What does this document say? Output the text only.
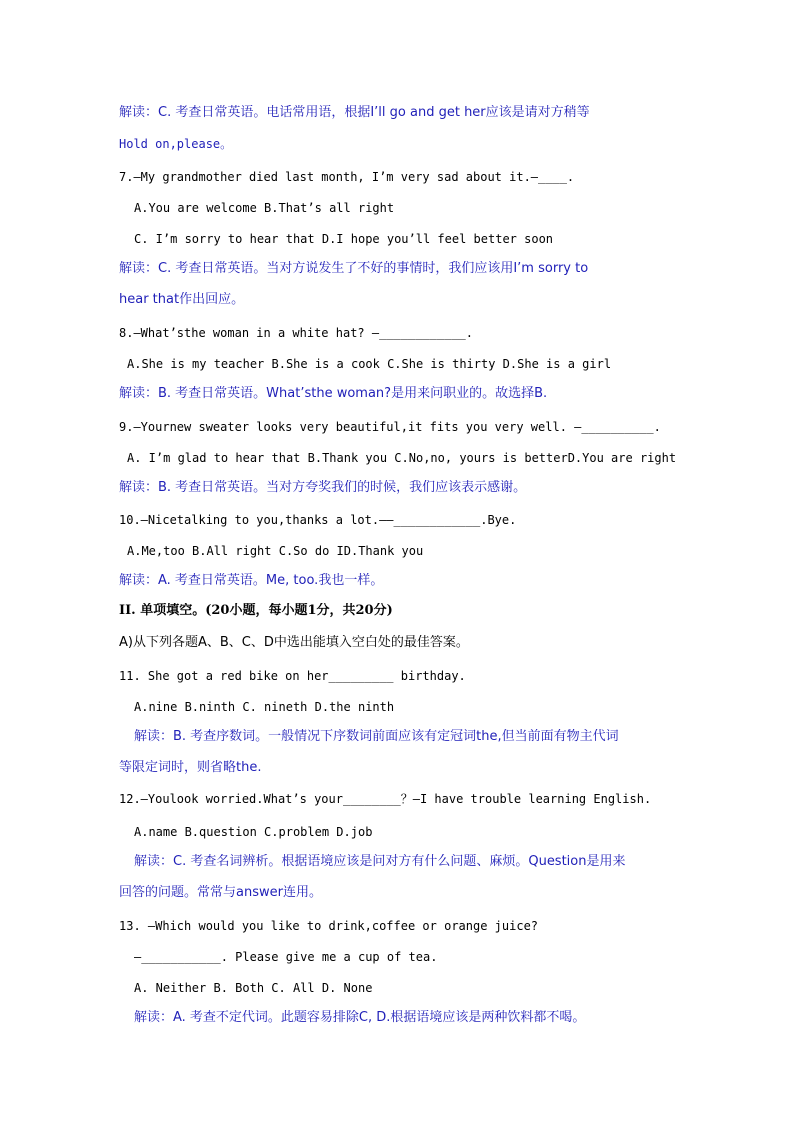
解读：C. 考查日常英语。电话常用语，根据I’ll go and get her应该是请对方稍等
Hold on,please。
7.—My grandmother died last month, I’m very sad about it.—____.
A.You are welcome B.That’s all right
C. I’m sorry to hear that D.I hope you’ll feel better soon
解读：C. 考查日常英语。当对方说发生了不好的事情时，我们应该用I’m sorry to
hear that作出回应。
8.—What’sthe woman in a white hat? —____________.
A.She is my teacher B.She is a cook C.She is thirty D.She is a girl
解读：B. 考查日常英语。What’sthe woman?是用来问职业的。故选择B.
9.—Yournew sweater looks very beautiful,it fits you very well. —__________.
A. I’m glad to hear that B.Thank you C.No,no, yours is betterD.You are right
解读：B. 考查日常英语。当对方夸奖我们的时候，我们应该表示感谢。
10.—Nicetalking to you,thanks a lot.——____________.Bye.
A.Me,too B.All right C.So do ID.Thank you
解读：A. 考查日常英语。Me, too.我也一样。
II. 单项填空。(20小题，每小题1分，共20分)
A)从下列各题A、B、C、D中选出能填入空白处的最佳答案。
11. She got a red bike on her_________ birthday.
A.nine B.ninth C. nineth D.the ninth
解读：B. 考查序数词。一般情况下序数词前面应该有定冠词the,但当前面有物主代词
等限定词时，则省略the.
12.—Youlook worried.What’s your________？—I have trouble learning English.
A.name B.question C.problem D.job
解读：C. 考查名词辨析。根据语境应该是问对方有什么问题、麻烦。Question是用来
回答的问题。常常与answer连用。
13. —Which would you like to drink,coffee or orange juice?
—___________. Please give me a cup of tea.
A. Neither B. Both C. All D. None
解读：A. 考查不定代词。此题容易排除C, D.根据语境应该是两种饮料都不喝。
